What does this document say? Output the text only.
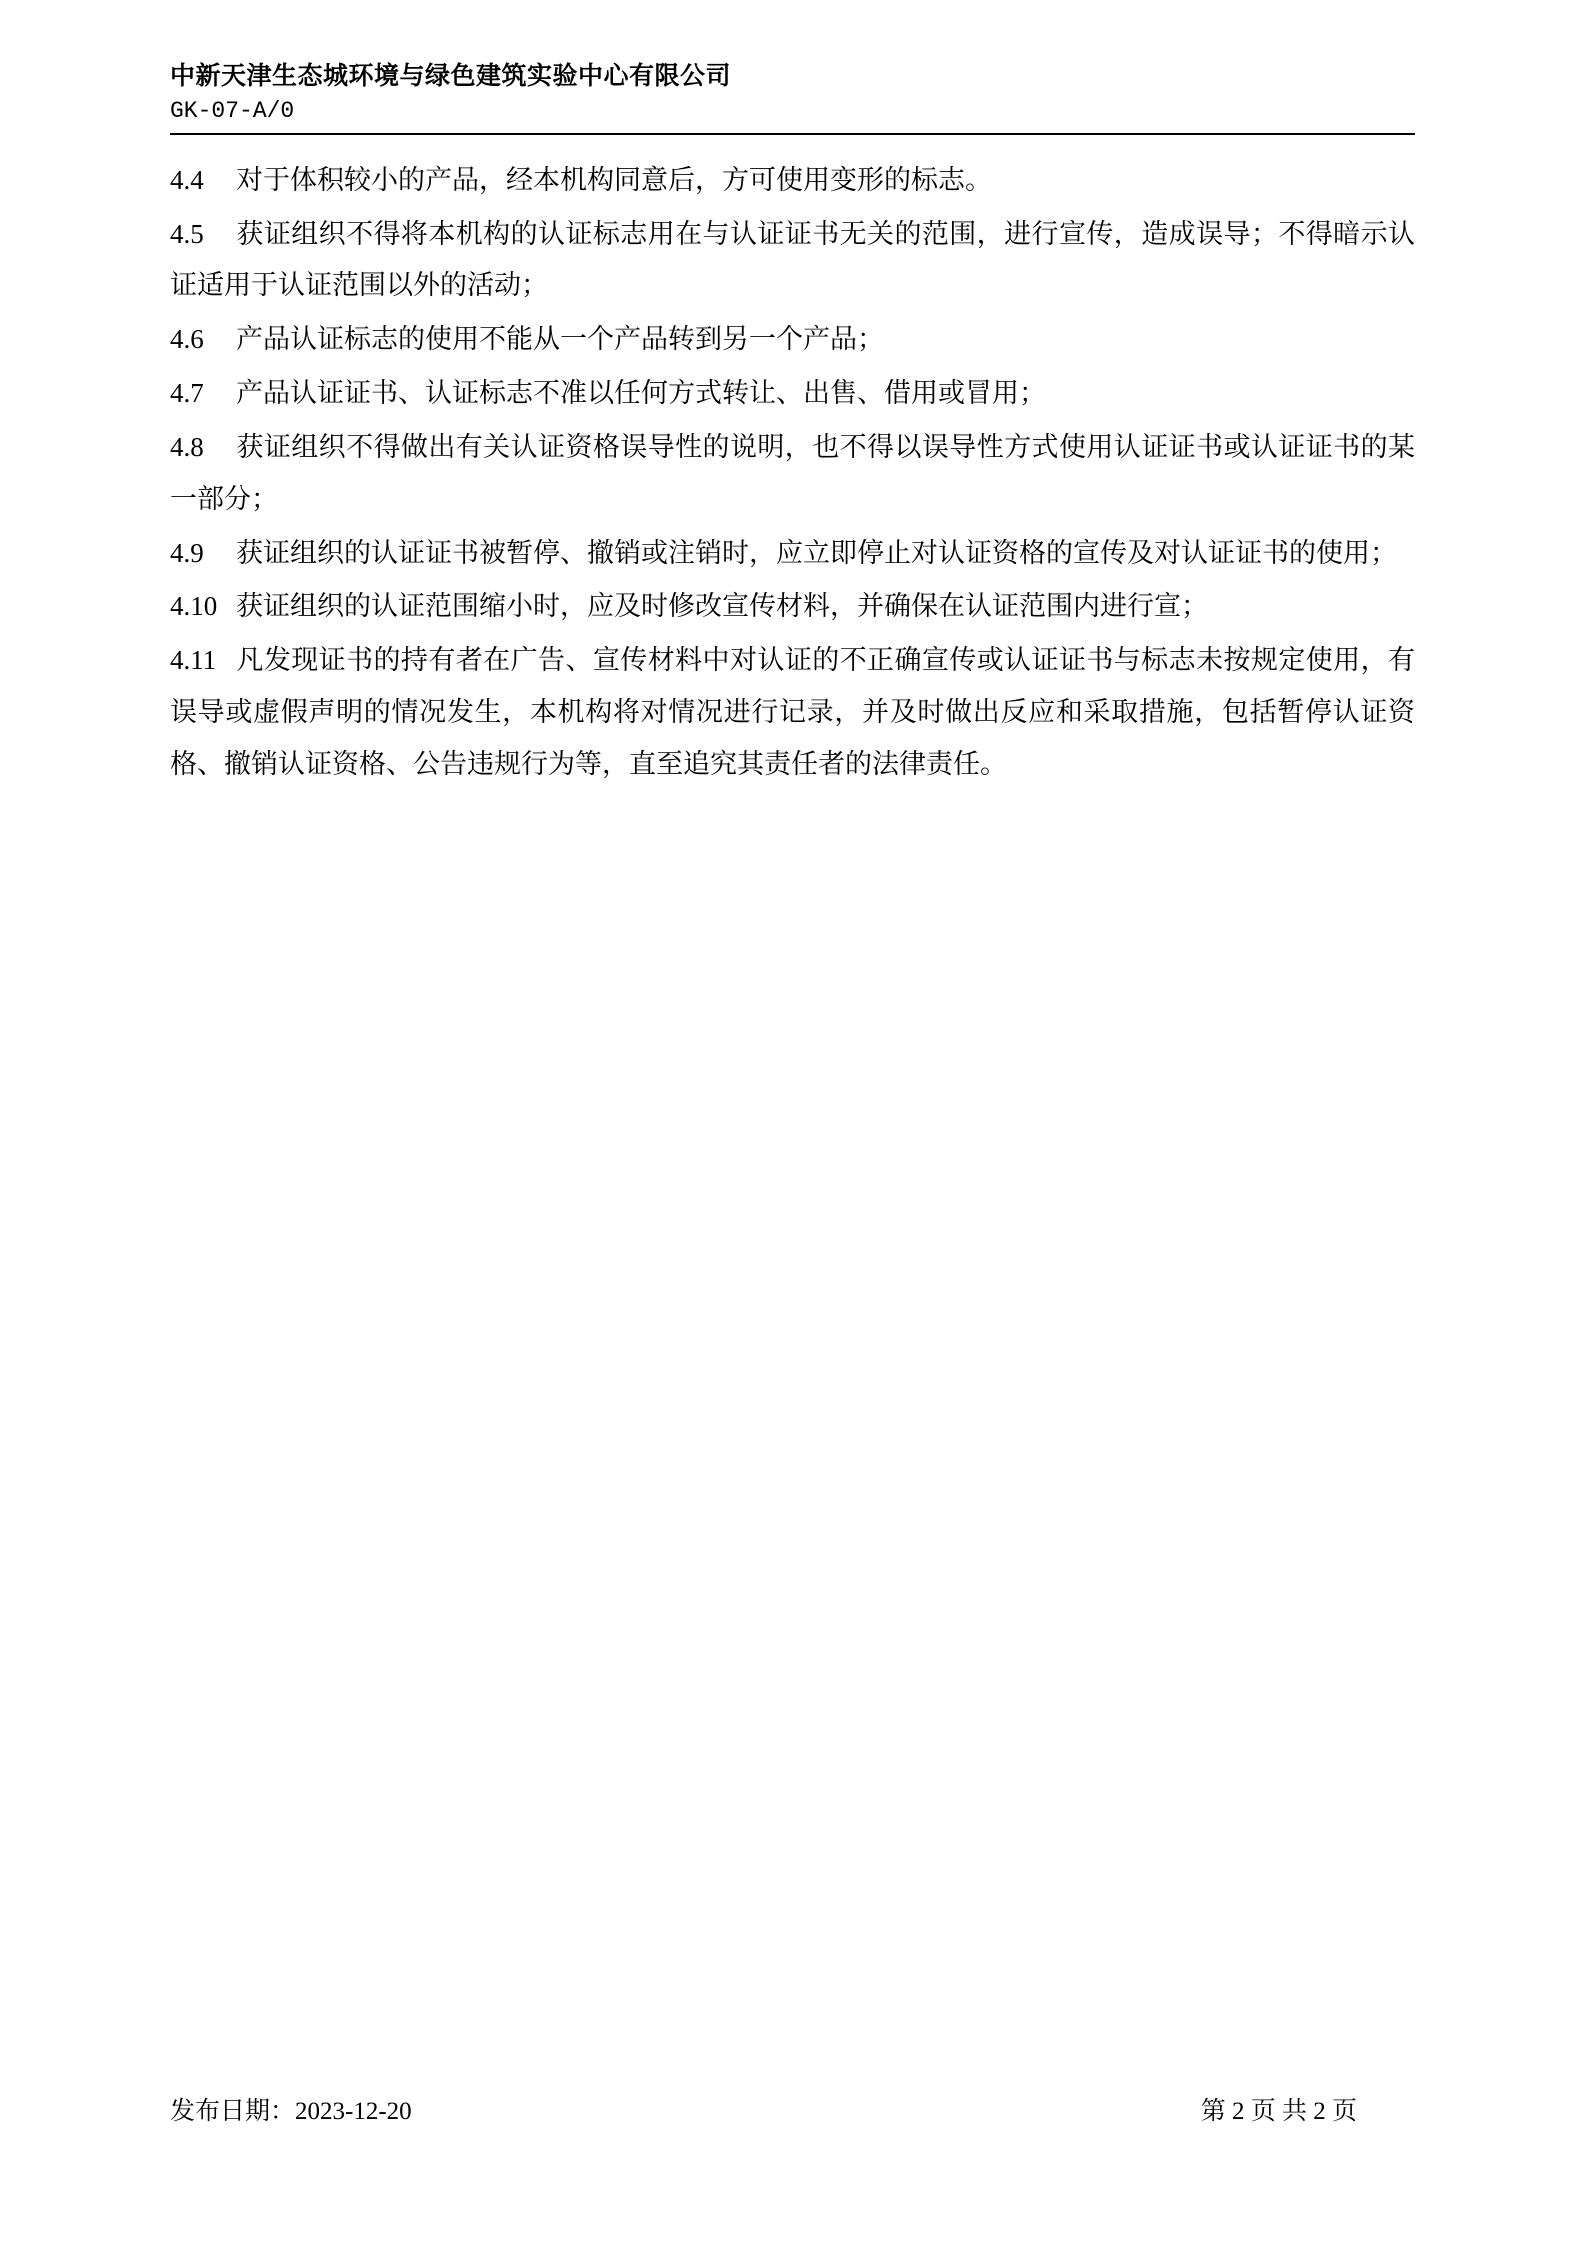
中新天津生态城环境与绿色建筑实验中心有限公司
GK-07-A/0

4.4 对于体积较小的产品，经本机构同意后，方可使用变形的标志。

4.5 获证组织不得将本机构的认证标志用在与认证证书无关的范围，进行宣传，造成误导；不得暗示认证适用于认证范围以外的活动；

4.6 产品认证标志的使用不能从一个产品转到另一个产品；

4.7 产品认证证书、认证标志不准以任何方式转让、出售、借用或冒用；

4.8 获证组织不得做出有关认证资格误导性的说明，也不得以误导性方式使用认证证书或认证证书的某一部分；

4.9 获证组织的认证证书被暂停、撤销或注销时，应立即停止对认证资格的宣传及对认证证书的使用；

4.10 获证组织的认证范围缩小时，应及时修改宣传材料，并确保在认证范围内进行宣；

4.11 凡发现证书的持有者在广告、宣传材料中对认证的不正确宣传或认证证书与标志未按规定使用，有误导或虚假声明的情况发生，本机构将对情况进行记录，并及时做出反应和采取措施，包括暂停认证资格、撤销认证资格、公告违规行为等，直至追究其责任者的法律责任。

发布日期：2023-12-20	第 2 页 共 2 页
